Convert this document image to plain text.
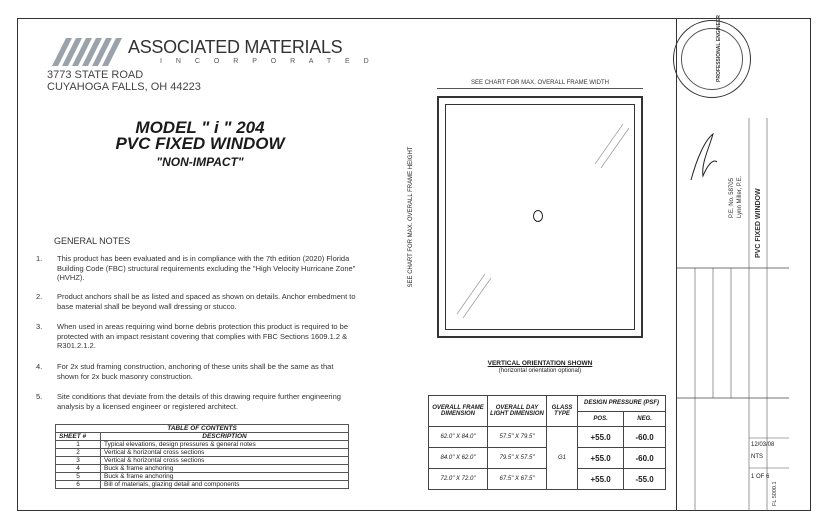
ASSOCIATED MATERIALS
I N C O R P O R A T E D
3773 STATE ROAD
CUYAHOGA FALLS, OH 44223
MODEL " i " 204
PVC FIXED WINDOW
"NON-IMPACT"
GENERAL NOTES
1. This product has been evaluated and is in compliance with the 7th edition (2020) Florida Building Code (FBC) structural requirements excluding the "High Velocity Hurricane Zone" (HVHZ).
2. Product anchors shall be as listed and spaced as shown on details. Anchor embedment to base material shall be beyond wall dressing or stucco.
3. When used in areas requiring wind borne debris protection this product is required to be protected with an impact resistant covering that complies with FBC Sections 1609.1.2 & R301.2.1.2.
4. For 2x stud framing construction, anchoring of these units shall be the same as that shown for 2x buck masonry construction.
5. Site conditions that deviate from the details of this drawing require further engineering analysis by a licensed engineer or registered architect.
TABLE OF CONTENTS	
SHEET #	DESCRIPTION
1	Typical elevations, design pressures & general notes
2	Vertical & horizontal cross sections
3	Vertical & horizontal cross sections
4	Buck & frame anchoring
5	Buck & frame anchoring
6	Bill of materials, glazing detail and components
SEE CHART FOR MAX. OVERALL FRAME WIDTH
SEE CHART FOR MAX. OVERALL FRAME HEIGHT
VERTICAL ORIENTATION SHOWN
(horizontal orientation optional)
OVERALL FRAME DIMENSION	OVERALL DAY LIGHT DIMENSION	GLASS TYPE	DESIGN PRESSURE (PSF)	
			POS.	NEG.
62.0" X 84.0"	57.5" X 79.5"	G1	+55.0	-60.0
84.0" X 62.0"	79.5" X 57.5"		+55.0	-60.0
72.0" X 72.0"	67.5" X 67.5"		+55.0	-55.0
PVC FIXED WINDOW
Lynn Miller, P.E.
P.E. No. 58705
FL 5000.1
12/03/08
NTS
1 OF 6
PROFESSIONAL ENGINEER
